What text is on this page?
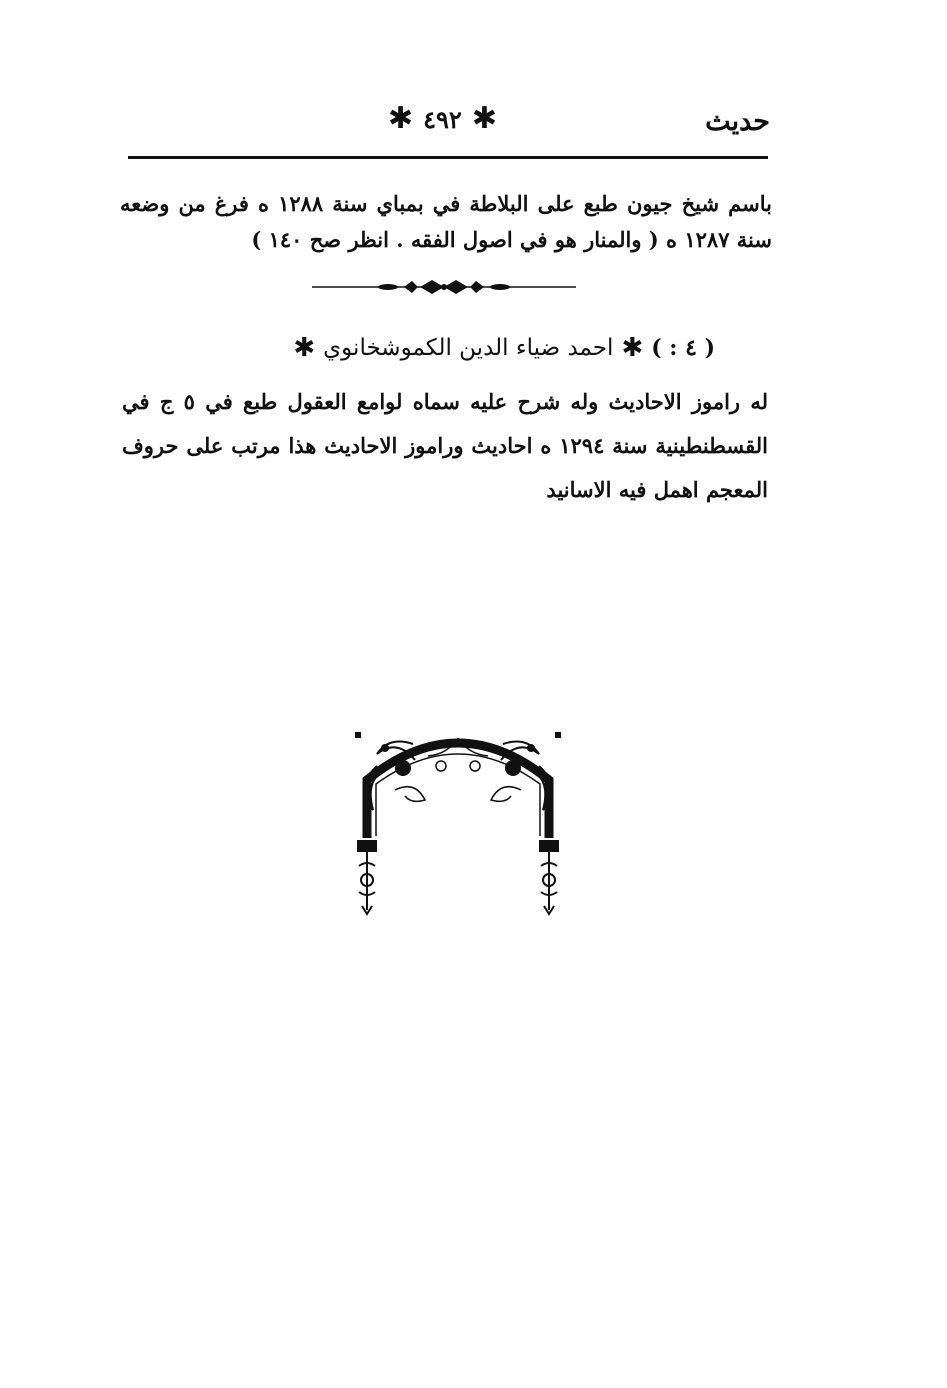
✱ ٤٩٢ ✱	حديث
باسم شيخ جيون طبع على البلاطة في بمباي سنة ١٢٨٨ ه فرغ من وضعه سنة ١٢٨٧ ه ( والمنار هو في اصول الفقه . انظر صح ١٤٠ )
( ٤ : )
✱
احمد ضياء الدين الكموشخانوي
✱
له راموز الاحاديث وله شرح عليه سماه لوامع العقول طبع في ٥ ج في القسطنطينية سنة ١٢٩٤ ه احاديث وراموز الاحاديث هذا مرتب على حروف المعجم اهمل فيه الاسانيد
